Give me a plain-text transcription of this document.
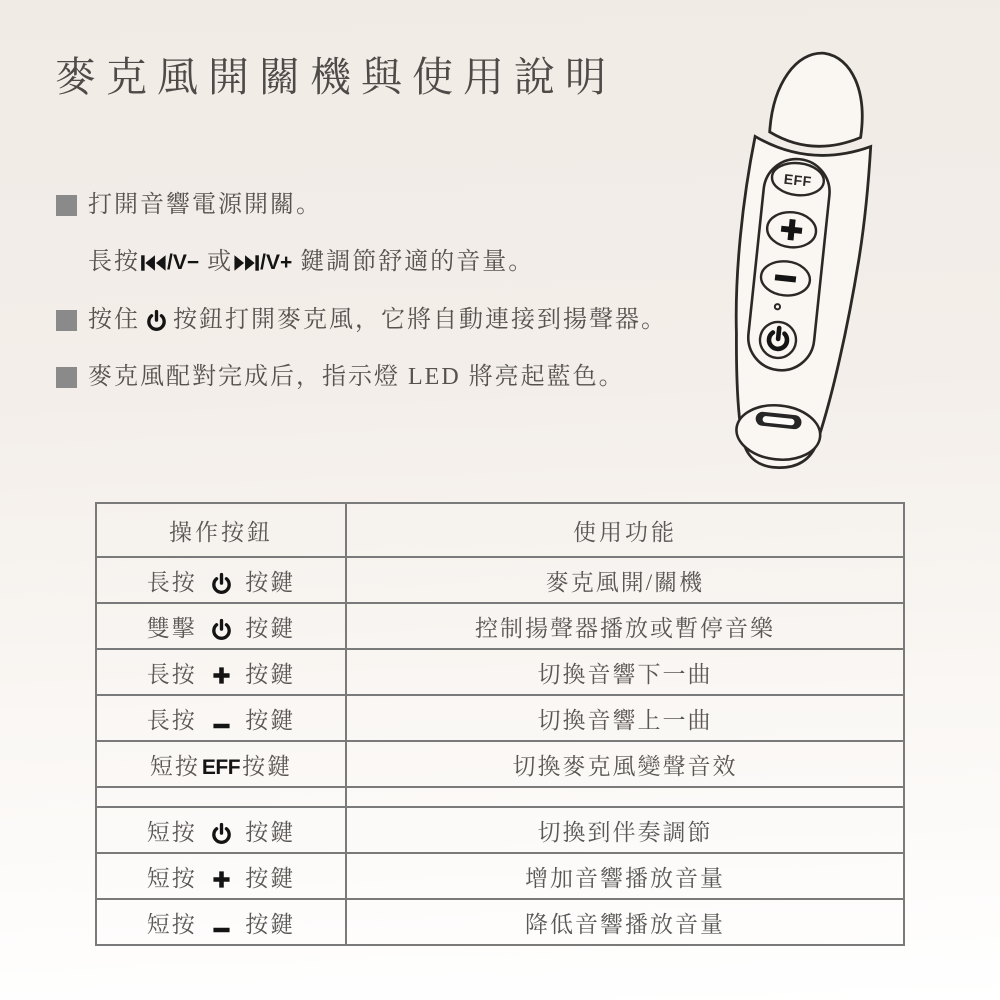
麥克風開關機與使用說明
打開音響電源開關。
長按 /V− 或 /V+ 鍵調節舒適的音量。
按住 按鈕打開麥克風，它將自動連接到揚聲器。
麥克風配對完成后，指示燈 LED 將亮起藍色。
EFF
操作按鈕	使用功能
長按  按鍵	麥克風開/關機
雙擊  按鍵	控制揚聲器播放或暫停音樂
長按  按鍵	切換音響下一曲
長按  按鍵	切換音響上一曲
短按EFF按鍵	切換麥克風變聲音效

短按  按鍵	切換到伴奏調節
短按  按鍵	增加音響播放音量
短按  按鍵	降低音響播放音量
